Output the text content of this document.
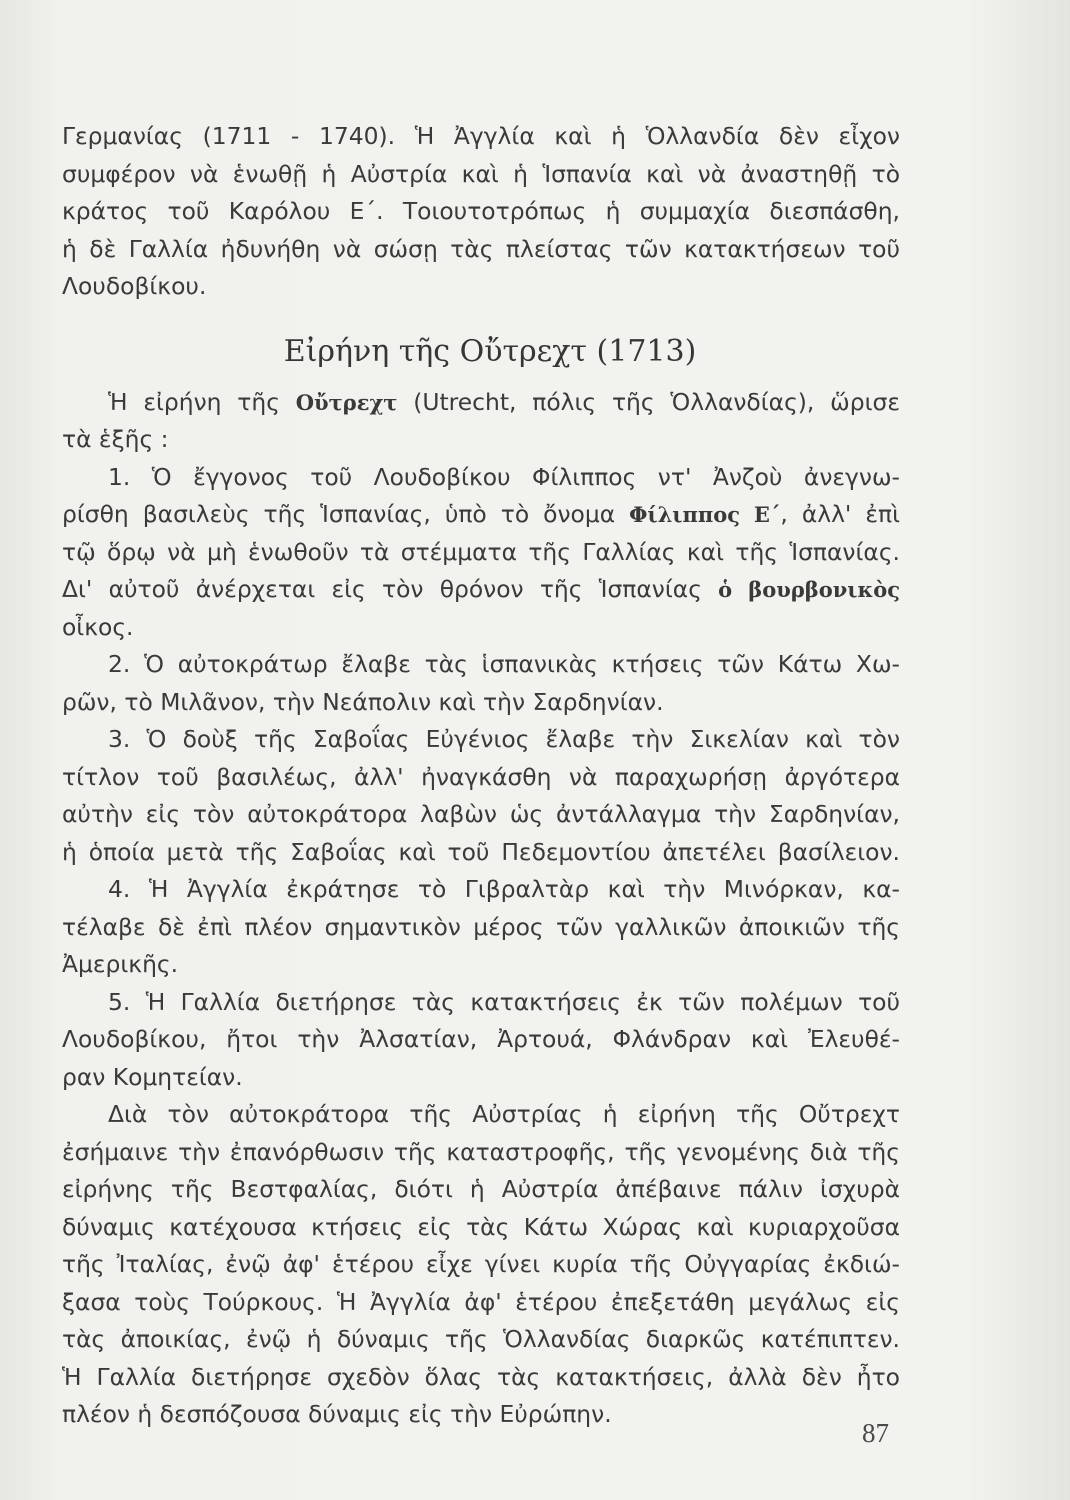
Γερμανίας (1711 - 1740). Ἡ Ἀγγλία καὶ ἡ Ὁλλανδία δὲν εἶχον
συμφέρον νὰ ἑνωθῇ ἡ Αὐστρία καὶ ἡ Ἱσπανία καὶ νὰ ἀναστηθῇ τὸ
κράτος τοῦ Καρόλου Ε΄. Τοιουτοτρόπως ἡ συμμαχία διεσπάσθη,
ἡ δὲ Γαλλία ἠδυνήθη νὰ σώσῃ τὰς πλείστας τῶν κατακτήσεων τοῦ
Λουδοβίκου.
Εἰρήνη τῆς Οὔτρεχτ (1713)
Ἡ εἰρήνη τῆς Οὔτρεχτ (Utrecht, πόλις τῆς Ὁλλανδίας), ὥρισε
τὰ ἑξῆς :
1. Ὁ ἔγγονος τοῦ Λουδοβίκου Φίλιππος ντ' Ἀνζοὺ ἀνεγνω-
ρίσθη βασιλεὺς τῆς Ἱσπανίας, ὑπὸ τὸ ὄνομα Φίλιππος Ε΄, ἀλλ' ἐπὶ
τῷ ὅρῳ νὰ μὴ ἑνωθοῦν τὰ στέμματα τῆς Γαλλίας καὶ τῆς Ἱσπανίας.
Δι' αὐτοῦ ἀνέρχεται εἰς τὸν θρόνον τῆς Ἱσπανίας ὁ βουρβονικὸς
οἶκος.
2. Ὁ αὐτοκράτωρ ἔλαβε τὰς ἱσπανικὰς κτήσεις τῶν Κάτω Χω-
ρῶν, τὸ Μιλᾶνον, τὴν Νεάπολιν καὶ τὴν Σαρδηνίαν.
3. Ὁ δοὺξ τῆς Σαβοΐας Εὐγένιος ἔλαβε τὴν Σικελίαν καὶ τὸν
τίτλον τοῦ βασιλέως, ἀλλ' ἠναγκάσθη νὰ παραχωρήσῃ ἀργότερα
αὐτὴν εἰς τὸν αὐτοκράτορα λαβὼν ὡς ἀντάλλαγμα τὴν Σαρδηνίαν,
ἡ ὁποία μετὰ τῆς Σαβοΐας καὶ τοῦ Πεδεμοντίου ἀπετέλει βασίλειον.
4. Ἡ Ἀγγλία ἐκράτησε τὸ Γιβραλτὰρ καὶ τὴν Μινόρκαν, κα-
τέλαβε δὲ ἐπὶ πλέον σημαντικὸν μέρος τῶν γαλλικῶν ἀποικιῶν τῆς
Ἀμερικῆς.
5. Ἡ Γαλλία διετήρησε τὰς κατακτήσεις ἐκ τῶν πολέμων τοῦ
Λουδοβίκου, ἤτοι τὴν Ἀλσατίαν, Ἀρτουά, Φλάνδραν καὶ Ἐλευθέ-
ραν Κομητείαν.
Διὰ τὸν αὐτοκράτορα τῆς Αὐστρίας ἡ εἰρήνη τῆς Οὔτρεχτ
ἐσήμαινε τὴν ἐπανόρθωσιν τῆς καταστροφῆς, τῆς γενομένης διὰ τῆς
εἰρήνης τῆς Βεστφαλίας, διότι ἡ Αὐστρία ἀπέβαινε πάλιν ἰσχυρὰ
δύναμις κατέχουσα κτήσεις εἰς τὰς Κάτω Χώρας καὶ κυριαρχοῦσα
τῆς Ἰταλίας, ἐνῷ ἀφ' ἑτέρου εἶχε γίνει κυρία τῆς Οὐγγαρίας ἐκδιώ-
ξασα τοὺς Τούρκους. Ἡ Ἀγγλία ἀφ' ἑτέρου ἐπεξετάθη μεγάλως εἰς
τὰς ἀποικίας, ἐνῷ ἡ δύναμις τῆς Ὁλλανδίας διαρκῶς κατέπιπτεν.
Ἡ Γαλλία διετήρησε σχεδὸν ὅλας τὰς κατακτήσεις, ἀλλὰ δὲν ἦτο
πλέον ἡ δεσπόζουσα δύναμις εἰς τὴν Εὐρώπην.
87
